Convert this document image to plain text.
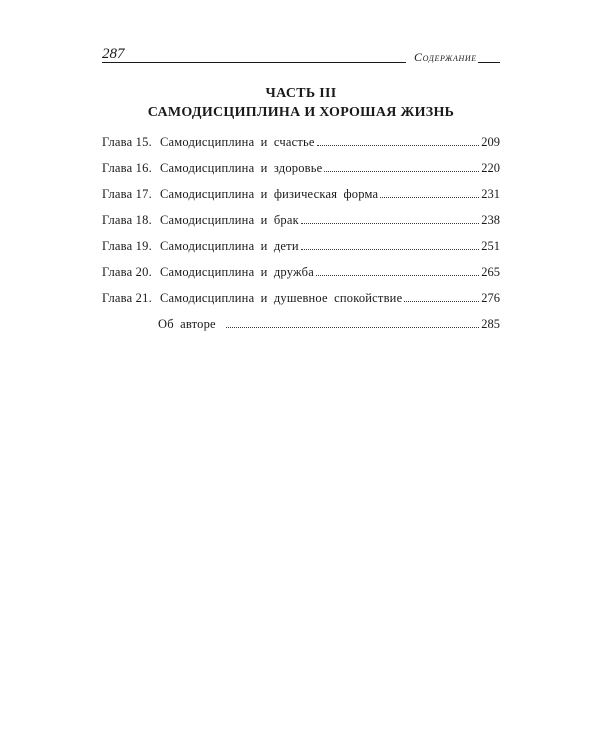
287	Содержание
ЧАСТЬ III
САМОДИСЦИПЛИНА И ХОРОШАЯ ЖИЗНЬ
Глава 15. Самодисциплина и счастье	209
Глава 16. Самодисциплина и здоровье	220
Глава 17. Самодисциплина и физическая форма	231
Глава 18. Самодисциплина и брак	238
Глава 19. Самодисциплина и дети	251
Глава 20. Самодисциплина и дружба	265
Глава 21. Самодисциплина и душевное спокойствие	276
Об авторе	285
